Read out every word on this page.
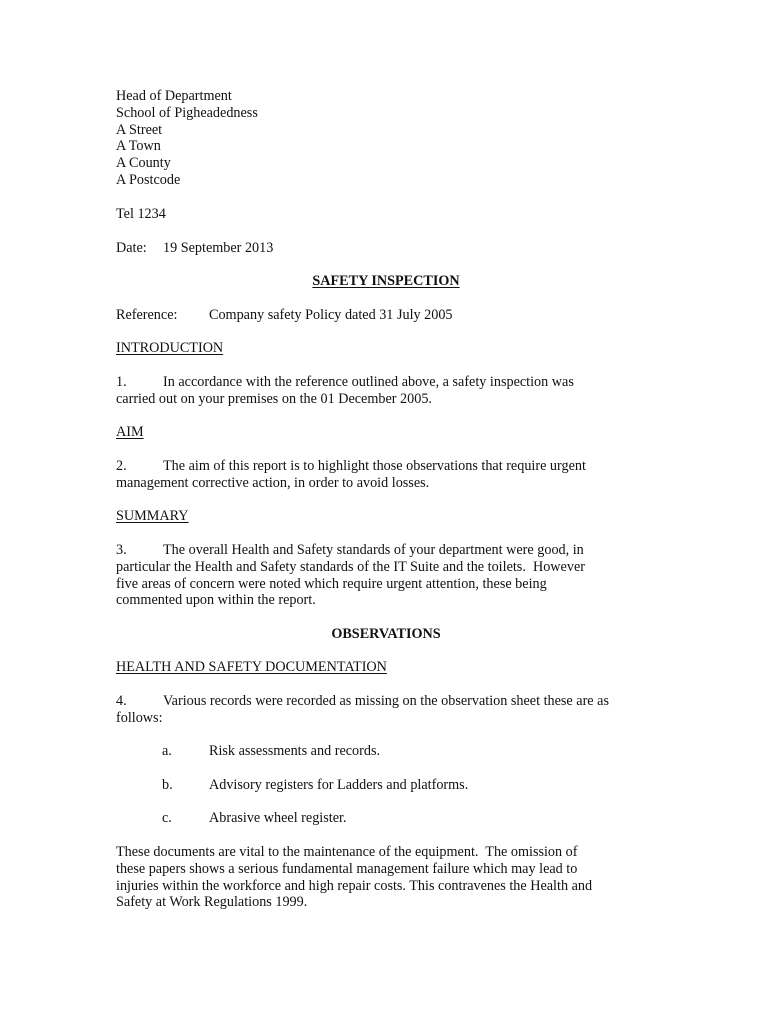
Head of Department
School of Pigheadedness
A Street
A Town
A County
A Postcode
Tel 1234
Date: 19 September 2013
SAFETY INSPECTION
Reference: Company safety Policy dated 31 July 2005
INTRODUCTION
1.	In accordance with the reference outlined above, a safety inspection was
carried out on your premises on the 01 December 2005.
AIM
2.	The aim of this report is to highlight those observations that require urgent
management corrective action, in order to avoid losses.
SUMMARY
3.	The overall Health and Safety standards of your department were good, in
particular the Health and Safety standards of the IT Suite and the toilets.  However
five areas of concern were noted which require urgent attention, these being
commented upon within the report.
OBSERVATIONS
HEALTH AND SAFETY DOCUMENTATION
4.	Various records were recorded as missing on the observation sheet these are as
follows:
a.	Risk assessments and records.
b.	Advisory registers for Ladders and platforms.
c.	Abrasive wheel register.
These documents are vital to the maintenance of the equipment.  The omission of
these papers shows a serious fundamental management failure which may lead to
injuries within the workforce and high repair costs. This contravenes the Health and
Safety at Work Regulations 1999.
